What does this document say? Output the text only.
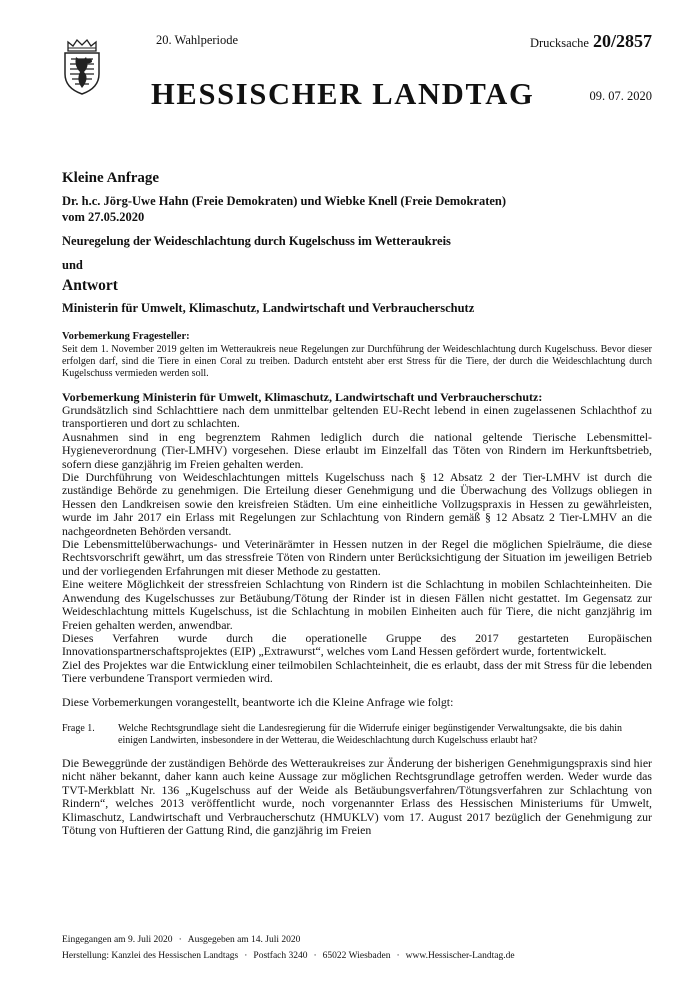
20. Wahlperiode	Drucksache 20/2857
HESSISCHER LANDTAG	09. 07. 2020
Kleine Anfrage

Dr. h.c. Jörg-Uwe Hahn (Freie Demokraten) und Wiebke Knell (Freie Demokraten)

vom 27.05.2020

Neuregelung der Weideschlachtung durch Kugelschuss im Wetteraukreis

und

Antwort

Ministerin für Umwelt, Klimaschutz, Landwirtschaft und Verbraucherschutz

Vorbemerkung Fragesteller:

Seit dem 1. November 2019 gelten im Wetteraukreis neue Regelungen zur Durchführung der Weideschlachtung durch Kugelschuss. Bevor dieser erfolgen darf, sind die Tiere in einen Coral zu treiben. Dadurch entsteht aber erst Stress für die Tiere, der durch die Weideschlachtung durch Kugelschuss vermieden werden soll.

Vorbemerkung Ministerin für Umwelt, Klimaschutz, Landwirtschaft und Verbraucherschutz:

Grundsätzlich sind Schlachttiere nach dem unmittelbar geltenden EU-Recht lebend in einen zugelassenen Schlachthof zu transportieren und dort zu schlachten.

Ausnahmen sind in eng begrenztem Rahmen lediglich durch die national geltende Tierische Lebensmittel-Hygieneverordnung (Tier-LMHV) vorgesehen. Diese erlaubt im Einzelfall das Töten von Rindern im Herkunftsbetrieb, sofern diese ganzjährig im Freien gehalten werden.

Die Durchführung von Weideschlachtungen mittels Kugelschuss nach § 12 Absatz 2 der Tier-LMHV ist durch die zuständige Behörde zu genehmigen. Die Erteilung dieser Genehmigung und die Überwachung des Vollzugs obliegen in Hessen den Landkreisen sowie den kreisfreien Städten. Um eine einheitliche Vollzugspraxis in Hessen zu gewährleisten, wurde im Jahr 2017 ein Erlass mit Regelungen zur Schlachtung von Rindern gemäß § 12 Absatz 2 Tier-LMHV an die nachgeordneten Behörden versandt.

Die Lebensmittelüberwachungs- und Veterinärämter in Hessen nutzen in der Regel die möglichen Spielräume, die diese Rechtsvorschrift gewährt, um das stressfreie Töten von Rindern unter Berücksichtigung der Situation im jeweiligen Betrieb und der vorliegenden Erfahrungen mit dieser Methode zu gestatten.

Eine weitere Möglichkeit der stressfreien Schlachtung von Rindern ist die Schlachtung in mobilen Schlachteinheiten. Die Anwendung des Kugelschusses zur Betäubung/Tötung der Rinder ist in diesen Fällen nicht gestattet. Im Gegensatz zur Weideschlachtung mittels Kugelschuss, ist die Schlachtung in mobilen Einheiten auch für Tiere, die nicht ganzjährig im Freien gehalten werden, anwendbar.

Dieses Verfahren wurde durch die operationelle Gruppe des 2017 gestarteten Europäischen Innovationspartnerschaftsprojektes (EIP) „Extrawurst“, welches vom Land Hessen gefördert wurde, fortentwickelt.

Ziel des Projektes war die Entwicklung einer teilmobilen Schlachteinheit, die es erlaubt, dass der mit Stress für die lebenden Tiere verbundene Transport vermieden wird.

Diese Vorbemerkungen vorangestellt, beantworte ich die Kleine Anfrage wie folgt:

Frage 1.	Welche Rechtsgrundlage sieht die Landesregierung für die Widerrufe einiger begünstigender Verwaltungsakte, die bis dahin einigen Landwirten, insbesondere in der Wetterau, die Weideschlachtung durch Kugelschuss erlaubt hat?

Die Beweggründe der zuständigen Behörde des Wetteraukreises zur Änderung der bisherigen Genehmigungspraxis sind hier nicht näher bekannt, daher kann auch keine Aussage zur möglichen Rechtsgrundlage getroffen werden. Weder wurde das TVT-Merkblatt Nr. 136 „Kugelschuss auf der Weide als Betäubungsverfahren/Tötungsverfahren zur Schlachtung von Rindern“, welches 2013 veröffentlicht wurde, noch vorgenannter Erlass des Hessischen Ministeriums für Umwelt, Klimaschutz, Landwirtschaft und Verbraucherschutz (HMUKLV) vom 17. August 2017 bezüglich der Genehmigung zur Tötung von Huftieren der Gattung Rind, die ganzjährig im Freien

Eingegangen am 9. Juli 2020 · Ausgegeben am 14. Juli 2020
Herstellung: Kanzlei des Hessischen Landtags · Postfach 3240 · 65022 Wiesbaden · www.Hessischer-Landtag.de
